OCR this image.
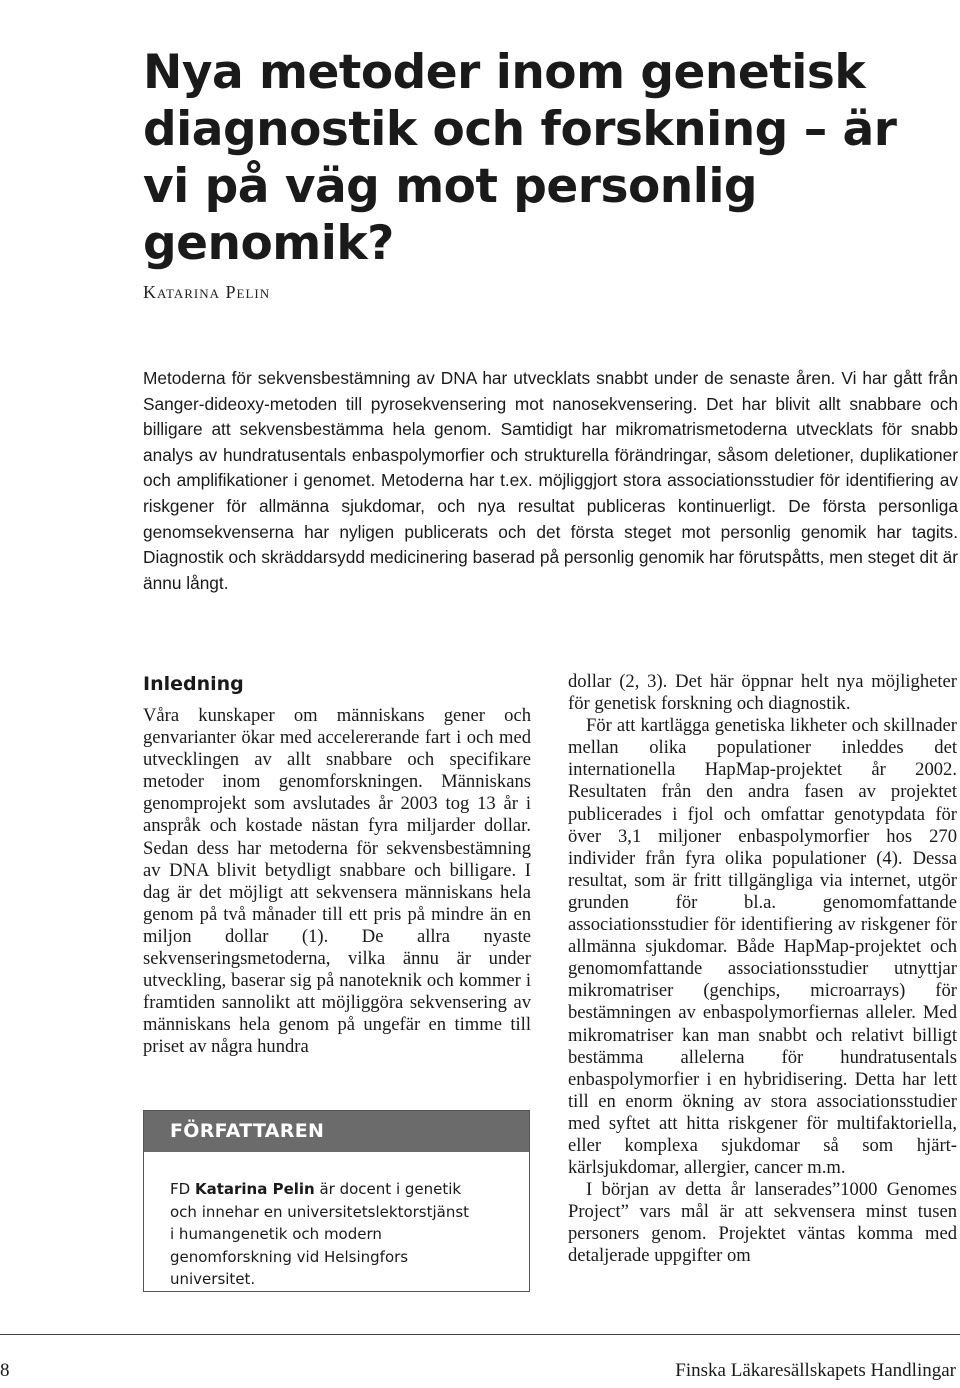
Nya metoder inom genetisk diagnostik och forskning – är vi på väg mot personlig genomik?

Katarina Pelin

Metoderna för sekvensbestämning av DNA har utvecklats snabbt under de senaste åren. Vi har gått från Sanger-dideoxy-metoden till pyrosekvensering mot nanosekvensering. Det har blivit allt snabbare och billigare att sekvensbestämma hela genom. Samtidigt har mikromatrismetoderna utvecklats för snabb analys av hundratusentals enbaspolymorfier och strukturella förändringar, såsom deletioner, duplikationer och amplifikationer i genomet. Metoderna har t.ex. möjliggjort stora associationsstudier för identifiering av riskgener för allmänna sjukdomar, och nya resultat publiceras kontinuerligt. De första personliga genomsekvenserna har nyligen publicerats och det första steget mot personlig genomik har tagits. Diagnostik och skräddarsydd medicinering baserad på personlig genomik har förutspåtts, men steget dit är ännu långt.

Inledning

Våra kunskaper om människans gener och genvarianter ökar med accelererande fart i och med utvecklingen av allt snabbare och specifikare metoder inom genomforskningen. Människans genomprojekt som avslutades år 2003 tog 13 år i anspråk och kostade nästan fyra miljarder dollar. Sedan dess har metoderna för sekvensbestämning av DNA blivit betydligt snabbare och billigare. I dag är det möjligt att sekvensera människans hela genom på två månader till ett pris på mindre än en miljon dollar (1). De allra nyaste sekvenseringsmetoderna, vilka ännu är under utveckling, baserar sig på nanoteknik och kommer i framtiden sannolikt att möjliggöra sekvensering av människans hela genom på ungefär en timme till priset av några hundra

FÖRFATTAREN

FD Katarina Pelin är docent i genetik och innehar en universitetslektorstjänst i humangenetik och modern genomforskning vid Helsingfors universitet.

dollar (2, 3). Det här öppnar helt nya möjligheter för genetisk forskning och diagnostik.

För att kartlägga genetiska likheter och skillnader mellan olika populationer inleddes det internationella HapMap-projektet år 2002. Resultaten från den andra fasen av projektet publicerades i fjol och omfattar genotypdata för över 3,1 miljoner enbaspolymorfier hos 270 individer från fyra olika populationer (4). Dessa resultat, som är fritt tillgängliga via internet, utgör grunden för bl.a. genomomfattande associationsstudier för identifiering av riskgener för allmänna sjukdomar. Både HapMap-projektet och genomomfattande associationsstudier utnyttjar mikromatriser (genchips, microarrays) för bestämningen av enbaspolymorfiernas alleler. Med mikromatriser kan man snabbt och relativt billigt bestämma allelerna för hundratusentals enbaspolymorfier i en hybridisering. Detta har lett till en enorm ökning av stora associationsstudier med syftet att hitta riskgener för multifaktoriella, eller komplexa sjukdomar så som hjärt-kärlsjukdomar, allergier, cancer m.m.

I början av detta år lanserades”1000 Genomes Project” vars mål är att sekvensera minst tusen personers genom. Projektet väntas komma med detaljerade uppgifter om

8	Finska Läkaresällskapets Handlingar
